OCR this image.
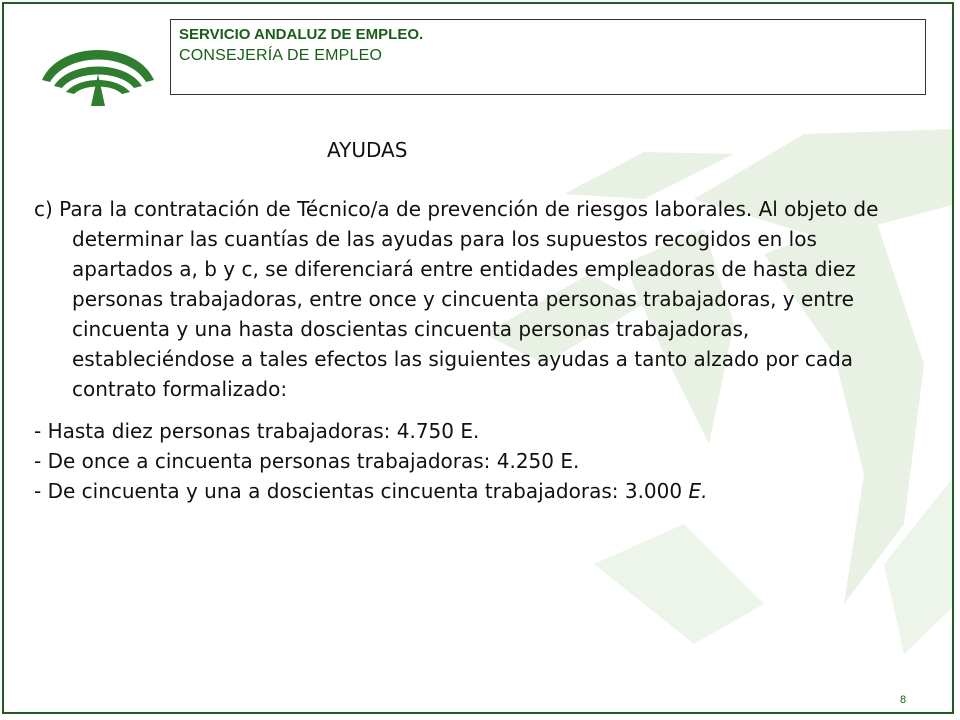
SERVICIO ANDALUZ DE EMPLEO.
CONSEJERÍA DE EMPLEO
AYUDAS

c) Para la contratación de Técnico/a de prevención de riesgos laborales. Al objeto de determinar las cuantías de las ayudas para los supuestos recogidos en los apartados a, b y c, se diferenciará entre entidades empleadoras de hasta diez personas trabajadoras, entre once y cincuenta personas trabajadoras, y entre cincuenta y una hasta doscientas cincuenta personas trabajadoras, estableciéndose a tales efectos las siguientes ayudas a tanto alzado por cada contrato formalizado:

- Hasta diez personas trabajadoras: 4.750 E.

- De once a cincuenta personas trabajadoras: 4.250 E.

- De cincuenta y una a doscientas cincuenta trabajadoras: 3.000 E.

8
